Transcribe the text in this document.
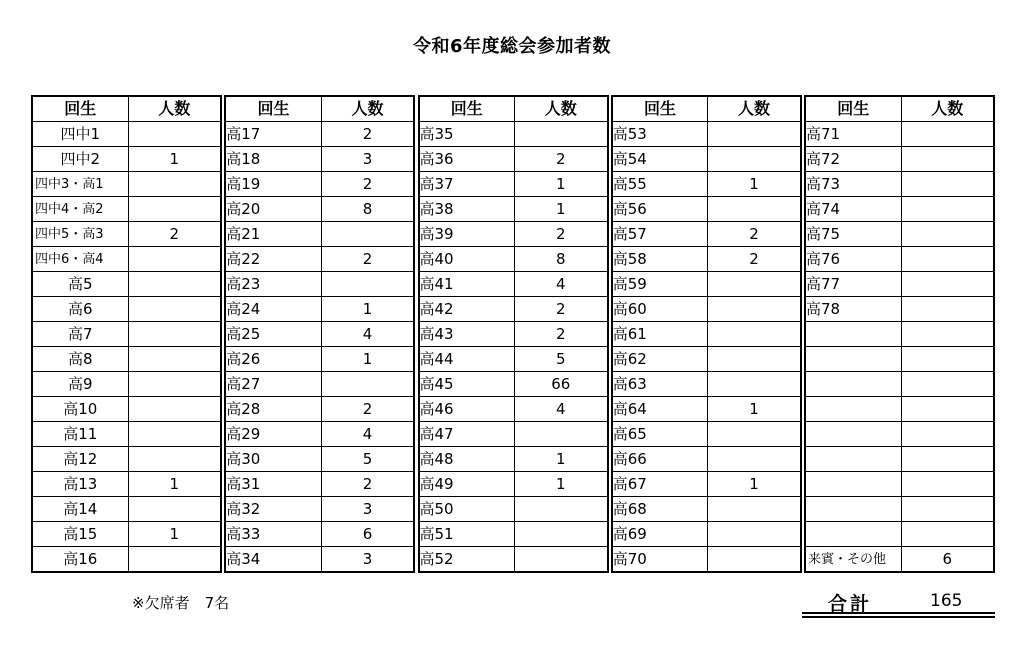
令和6年度総会参加者数
回生	人数
四中1	
四中2	1
四中3・高1	
四中4・高2	
四中5・高3	2
四中6・高4	
高5	
高6	
高7	
高8	
高9	
高10	
高11	
高12	
高13	1
高14	
高15	1
高16	
回生	人数
高17	2
高18	3
高19	2
高20	8
高21	
高22	2
高23	
高24	1
高25	4
高26	1
高27	
高28	2
高29	4
高30	5
高31	2
高32	3
高33	6
高34	3
回生	人数
高35	
高36	2
高37	1
高38	1
高39	2
高40	8
高41	4
高42	2
高43	2
高44	5
高45	66
高46	4
高47	
高48	1
高49	1
高50	
高51	
高52	
回生	人数
高53	
高54	
高55	1
高56	
高57	2
高58	2
高59	
高60	
高61	
高62	
高63	
高64	1
高65	
高66	
高67	1
高68	
高69	
高70	
回生	人数
高71	
高72	
高73	
高74	
高75	
高76	
高77	
高78	

来賓・その他	6
※欠席者　7名	合計	165
